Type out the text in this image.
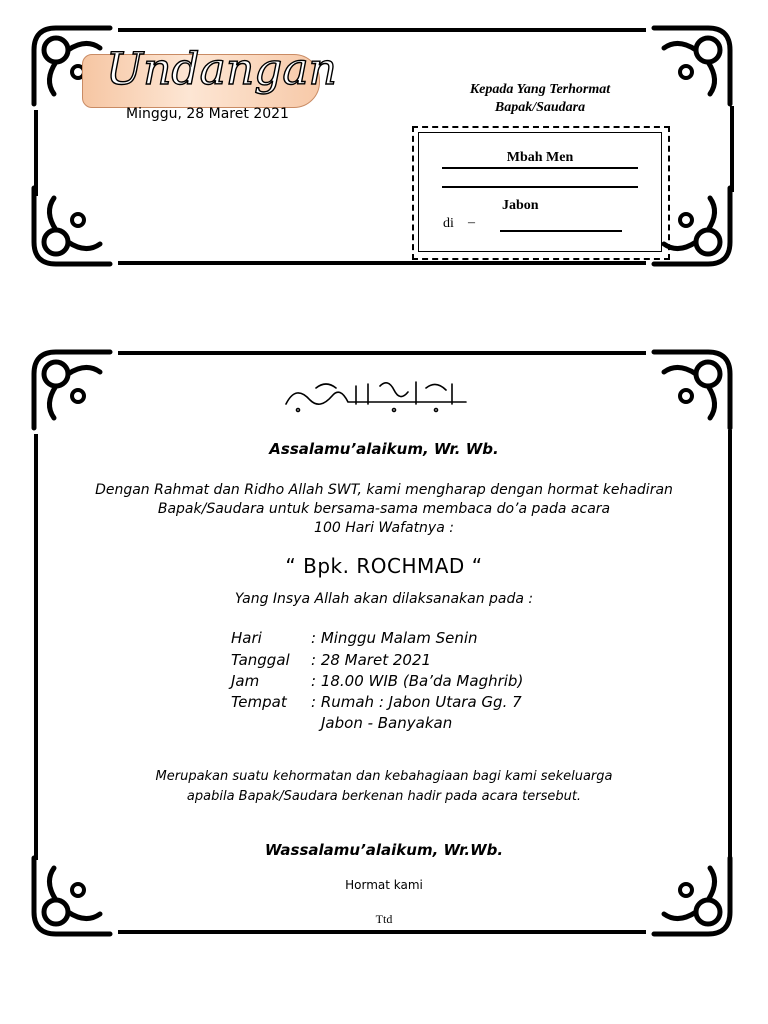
Undangan
Minggu, 28 Maret 2021
Kepada Yang Terhormat
Bapak/Saudara
Mbah Men
Jabon
di –
Assalamu’alaikum, Wr. Wb.
Dengan Rahmat dan Ridho Allah SWT, kami mengharap dengan hormat kehadiran
Bapak/Saudara untuk bersama-sama membaca do’a pada acara
100 Hari Wafatnya :
“ Bpk. ROCHMAD “
Yang Insya Allah akan dilaksanakan pada :
Hari	: Minggu Malam Senin
Tanggal : 28 Maret 2021
Jam	: 18.00 WIB (Ba’da Maghrib)
Tempat : Rumah : Jabon Utara Gg. 7
Jabon - Banyakan
Merupakan suatu kehormatan dan kebahagiaan bagi kami sekeluarga
apabila Bapak/Saudara berkenan hadir pada acara tersebut.
Wassalamu’alaikum, Wr.Wb.
Hormat kami
Ttd
